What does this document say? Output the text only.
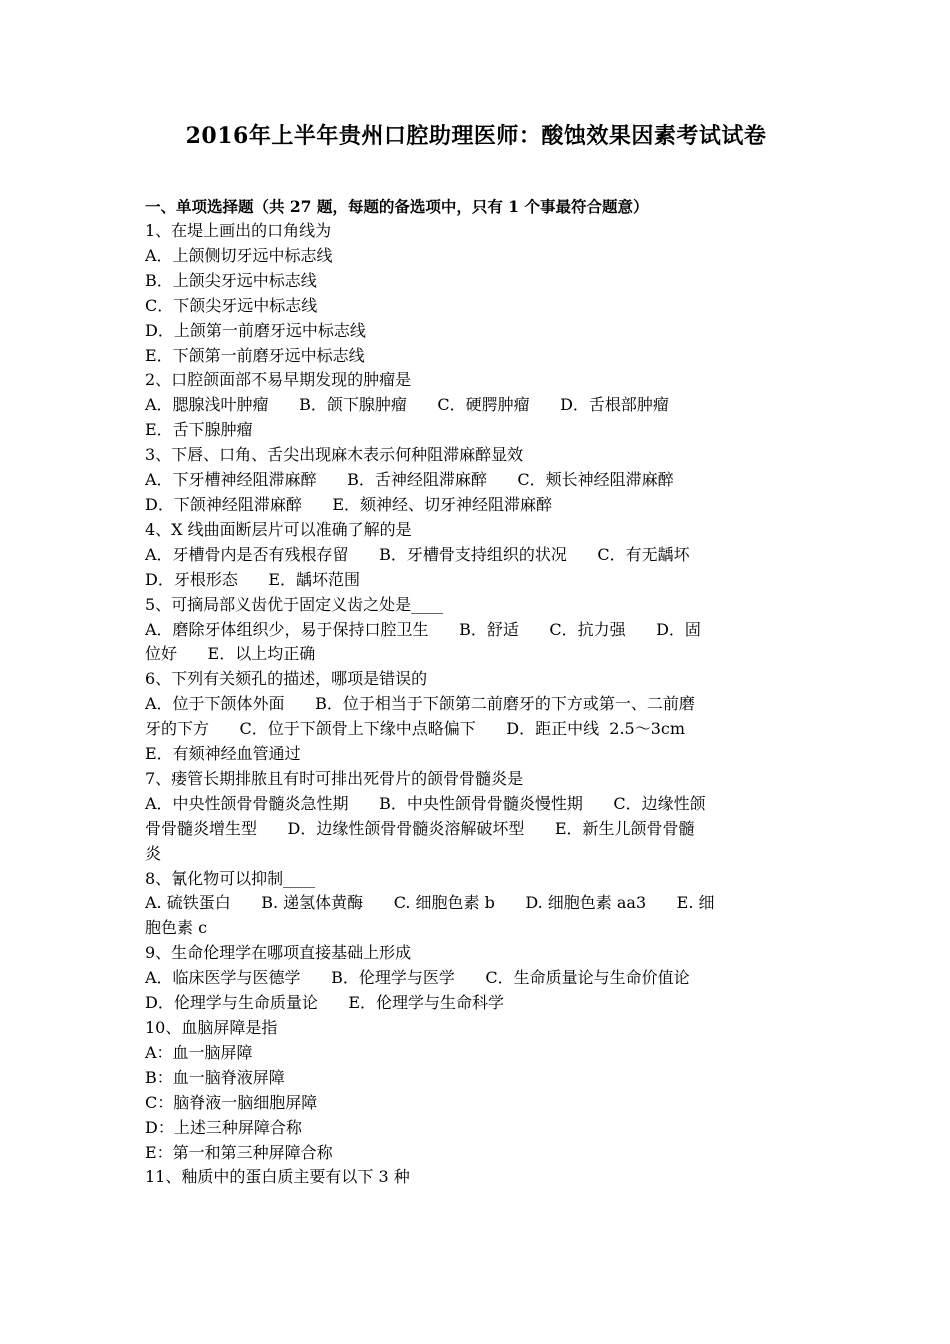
2016年上半年贵州口腔助理医师：酸蚀效果因素考试试卷

一、单项选择题（共 27 题，每题的备选项中，只有 1 个事最符合题意）

1、在堤上画出的口角线为
A．上颌侧切牙远中标志线
B．上颌尖牙远中标志线
C．下颌尖牙远中标志线
D．上颌第一前磨牙远中标志线
E．下颌第一前磨牙远中标志线
2、口腔颌面部不易早期发现的肿瘤是
A．腮腺浅叶肿瘤      B．颌下腺肿瘤      C．硬腭肿瘤      D．舌根部肿瘤
E．舌下腺肿瘤
3、下唇、口角、舌尖出现麻木表示何种阻滞麻醉显效
A．下牙槽神经阻滞麻醉      B．舌神经阻滞麻醉      C．颊长神经阻滞麻醉
D．下颌神经阻滞麻醉      E．颏神经、切牙神经阻滞麻醉
4、X 线曲面断层片可以准确了解的是
A．牙槽骨内是否有残根存留      B．牙槽骨支持组织的状况      C．有无龋坏
D．牙根形态      E．龋坏范围
5、可摘局部义齿优于固定义齿之处是____
A．磨除牙体组织少，易于保持口腔卫生      B．舒适      C．抗力强      D．固
位好      E．以上均正确
6、下列有关颏孔的描述，哪项是错误的
A．位于下颌体外面      B．位于相当于下颌第二前磨牙的下方或第一、二前磨
牙的下方      C．位于下颌骨上下缘中点略偏下      D．距正中线  2.5～3cm
E．有颏神经血管通过
7、瘘管长期排脓且有时可排出死骨片的颌骨骨髓炎是
A．中央性颌骨骨髓炎急性期      B．中央性颌骨骨髓炎慢性期      C．边缘性颌
骨骨髓炎增生型      D．边缘性颌骨骨髓炎溶解破坏型      E．新生儿颌骨骨髓
炎
8、氰化物可以抑制____
A. 硫铁蛋白      B. 递氢体黄酶      C. 细胞色素 b      D. 细胞色素 aa3      E. 细
胞色素 c
9、生命伦理学在哪项直接基础上形成
A．临床医学与医德学      B．伦理学与医学      C．生命质量论与生命价值论
D．伦理学与生命质量论      E．伦理学与生命科学
10、血脑屏障是指
A：血一脑屏障
B：血一脑脊液屏障
C：脑脊液一脑细胞屏障
D：上述三种屏障合称
E：第一和第三种屏障合称
11、釉质中的蛋白质主要有以下 3 种
